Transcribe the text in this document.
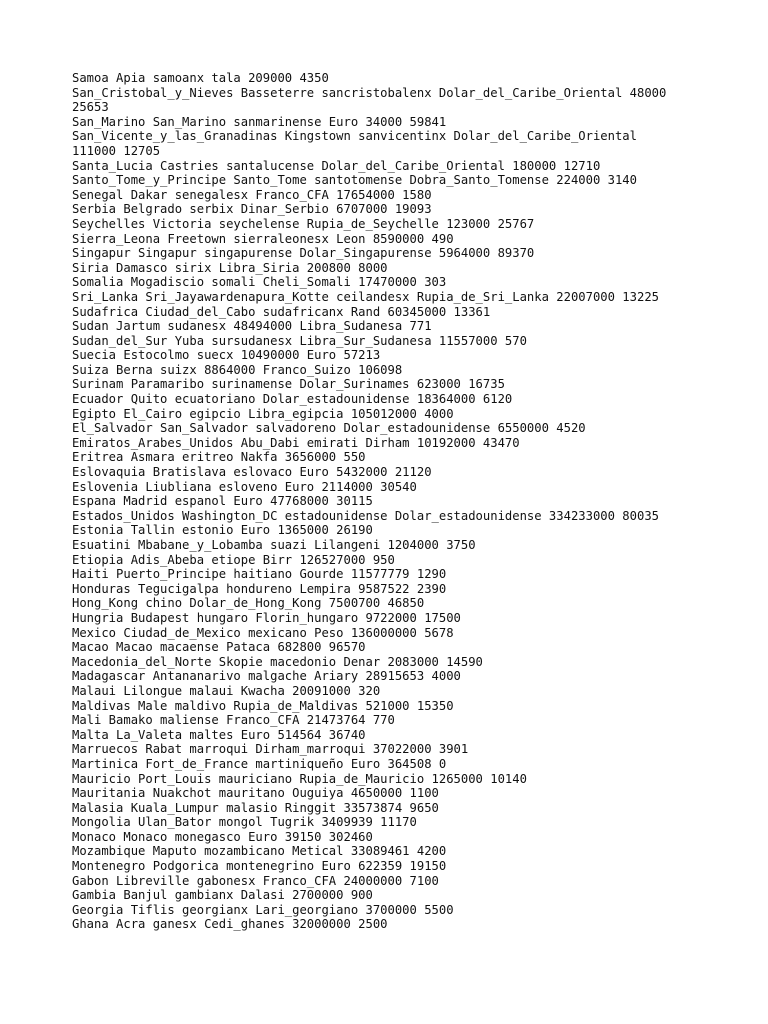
Samoa Apia samoanx tala 209000 4350

San_Cristobal_y_Nieves Basseterre sancristobalenx Dolar_del_Caribe_Oriental 48000

25653

San_Marino San_Marino sanmarinense Euro 34000 59841

San_Vicente_y_las_Granadinas Kingstown sanvicentinx Dolar_del_Caribe_Oriental

111000 12705

Santa_Lucia Castries santalucense Dolar_del_Caribe_Oriental 180000 12710

Santo_Tome_y_Principe Santo_Tome santotomense Dobra_Santo_Tomense 224000 3140

Senegal Dakar senegalesx Franco_CFA 17654000 1580

Serbia Belgrado serbix Dinar_Serbio 6707000 19093

Seychelles Victoria seychelense Rupia_de_Seychelle 123000 25767

Sierra_Leona Freetown sierraleonesx Leon 8590000 490

Singapur Singapur singapurense Dolar_Singapurense 5964000 89370

Siria Damasco sirix Libra_Siria 200800 8000

Somalia Mogadiscio somali Cheli_Somali 17470000 303

Sri_Lanka Sri_Jayawardenapura_Kotte ceilandesx Rupia_de_Sri_Lanka 22007000 13225

Sudafrica Ciudad_del_Cabo sudafricanx Rand 60345000 13361

Sudan Jartum sudanesx 48494000 Libra_Sudanesa 771

Sudan_del_Sur Yuba sursudanesx Libra_Sur_Sudanesa 11557000 570

Suecia Estocolmo suecx 10490000 Euro 57213

Suiza Berna suizx 8864000 Franco_Suizo 106098

Surinam Paramaribo surinamense Dolar_Surinames 623000 16735

Ecuador Quito ecuatoriano Dolar_estadounidense 18364000 6120

Egipto El_Cairo egipcio Libra_egipcia 105012000 4000

El_Salvador San_Salvador salvadoreno Dolar_estadounidense 6550000 4520

Emiratos_Arabes_Unidos Abu_Dabi emirati Dirham 10192000 43470

Eritrea Asmara eritreo Nakfa 3656000 550

Eslovaquia Bratislava eslovaco Euro 5432000 21120

Eslovenia Liubliana esloveno Euro 2114000 30540

Espana Madrid espanol Euro 47768000 30115

Estados_Unidos Washington_DC estadounidense Dolar_estadounidense 334233000 80035

Estonia Tallin estonio Euro 1365000 26190

Esuatini Mbabane_y_Lobamba suazi Lilangeni 1204000 3750

Etiopia Adis_Abeba etiope Birr 126527000 950

Haiti Puerto_Principe haitiano Gourde 11577779 1290

Honduras Tegucigalpa hondureno Lempira 9587522 2390

Hong_Kong chino Dolar_de_Hong_Kong 7500700 46850

Hungria Budapest hungaro Florin_hungaro 9722000 17500

Mexico Ciudad_de_Mexico mexicano Peso 136000000 5678

Macao Macao macaense Pataca 682800 96570

Macedonia_del_Norte Skopie macedonio Denar 2083000 14590

Madagascar Antananarivo malgache Ariary 28915653 4000

Malaui Lilongue malaui Kwacha 20091000 320

Maldivas Male maldivo Rupia_de_Maldivas 521000 15350

Mali Bamako maliense Franco_CFA 21473764 770

Malta La_Valeta maltes Euro 514564 36740

Marruecos Rabat marroqui Dirham_marroqui 37022000 3901

Martinica Fort_de_France martiniqueño Euro 364508 0

Mauricio Port_Louis mauriciano Rupia_de_Mauricio 1265000 10140

Mauritania Nuakchot mauritano Ouguiya 4650000 1100

Malasia Kuala_Lumpur malasio Ringgit 33573874 9650

Mongolia Ulan_Bator mongol Tugrik 3409939 11170

Monaco Monaco monegasco Euro 39150 302460

Mozambique Maputo mozambicano Metical 33089461 4200

Montenegro Podgorica montenegrino Euro 622359 19150

Gabon Libreville gabonesx Franco_CFA 24000000 7100

Gambia Banjul gambianx Dalasi 2700000 900

Georgia Tiflis georgianx Lari_georgiano 3700000 5500

Ghana Acra ganesx Cedi_ghanes 32000000 2500
